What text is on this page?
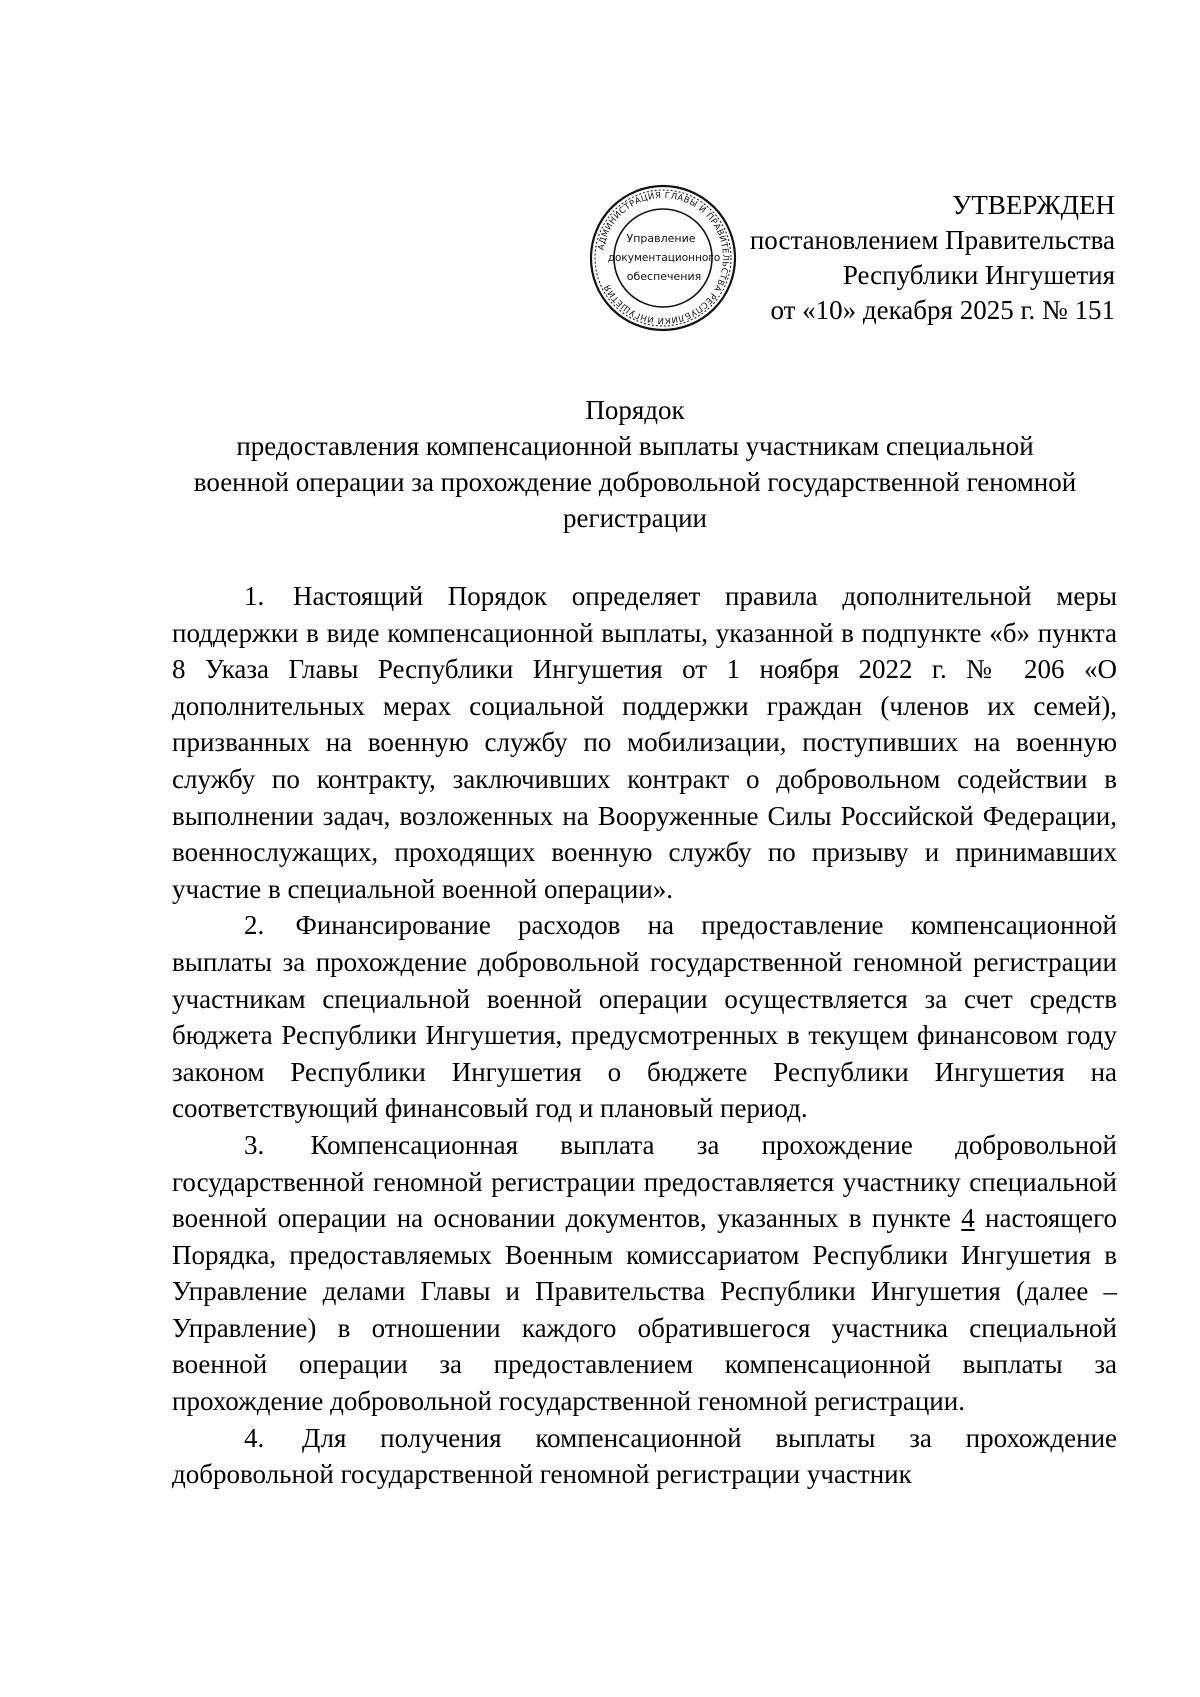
АДМИНИСТРАЦИЯ ГЛАВЫ И ПРАВИТЕЛЬСТВА РЕСПУБЛИКИ ИНГУШЕТИЯ
Управление
документационного
обеспечения
УТВЕРЖДЕН
постановлением Правительства
Республики Ингушетия
от «10» декабря 2025 г. № 151
Порядок
предоставления компенсационной выплаты участникам специальной
военной операции за прохождение добровольной государственной геномной
регистрации

1. Настоящий Порядок определяет правила дополнительной меры поддержки в виде компенсационной выплаты, указанной в подпункте «б» пункта 8 Указа Главы Республики Ингушетия от 1 ноября 2022 г. № 206 «О дополнительных мерах социальной поддержки граждан (членов их семей), призванных на военную службу по мобилизации, поступивших на военную службу по контракту, заключивших контракт о добровольном содействии в выполнении задач, возложенных на Вооруженные Силы Российской Федерации, военнослужащих, проходящих военную службу по призыву и принимавших участие в специальной военной операции».

2. Финансирование расходов на предоставление компенсационной выплаты за прохождение добровольной государственной геномной регистрации участникам специальной военной операции осуществляется за счет средств бюджета Республики Ингушетия, предусмотренных в текущем финансовом году законом Республики Ингушетия о бюджете Республики Ингушетия на соответствующий финансовый год и плановый период.

3. Компенсационная выплата за прохождение добровольной государственной геномной регистрации предоставляется участнику специальной военной операции на основании документов, указанных в пункте 4 настоящего Порядка, предоставляемых Военным комиссариатом Республики Ингушетия в Управление делами Главы и Правительства Республики Ингушетия (далее – Управление) в отношении каждого обратившегося участника специальной военной операции за предоставлением компенсационной выплаты за прохождение добровольной государственной геномной регистрации.

4. Для получения компенсационной выплаты за прохождение добровольной государственной геномной регистрации участник
